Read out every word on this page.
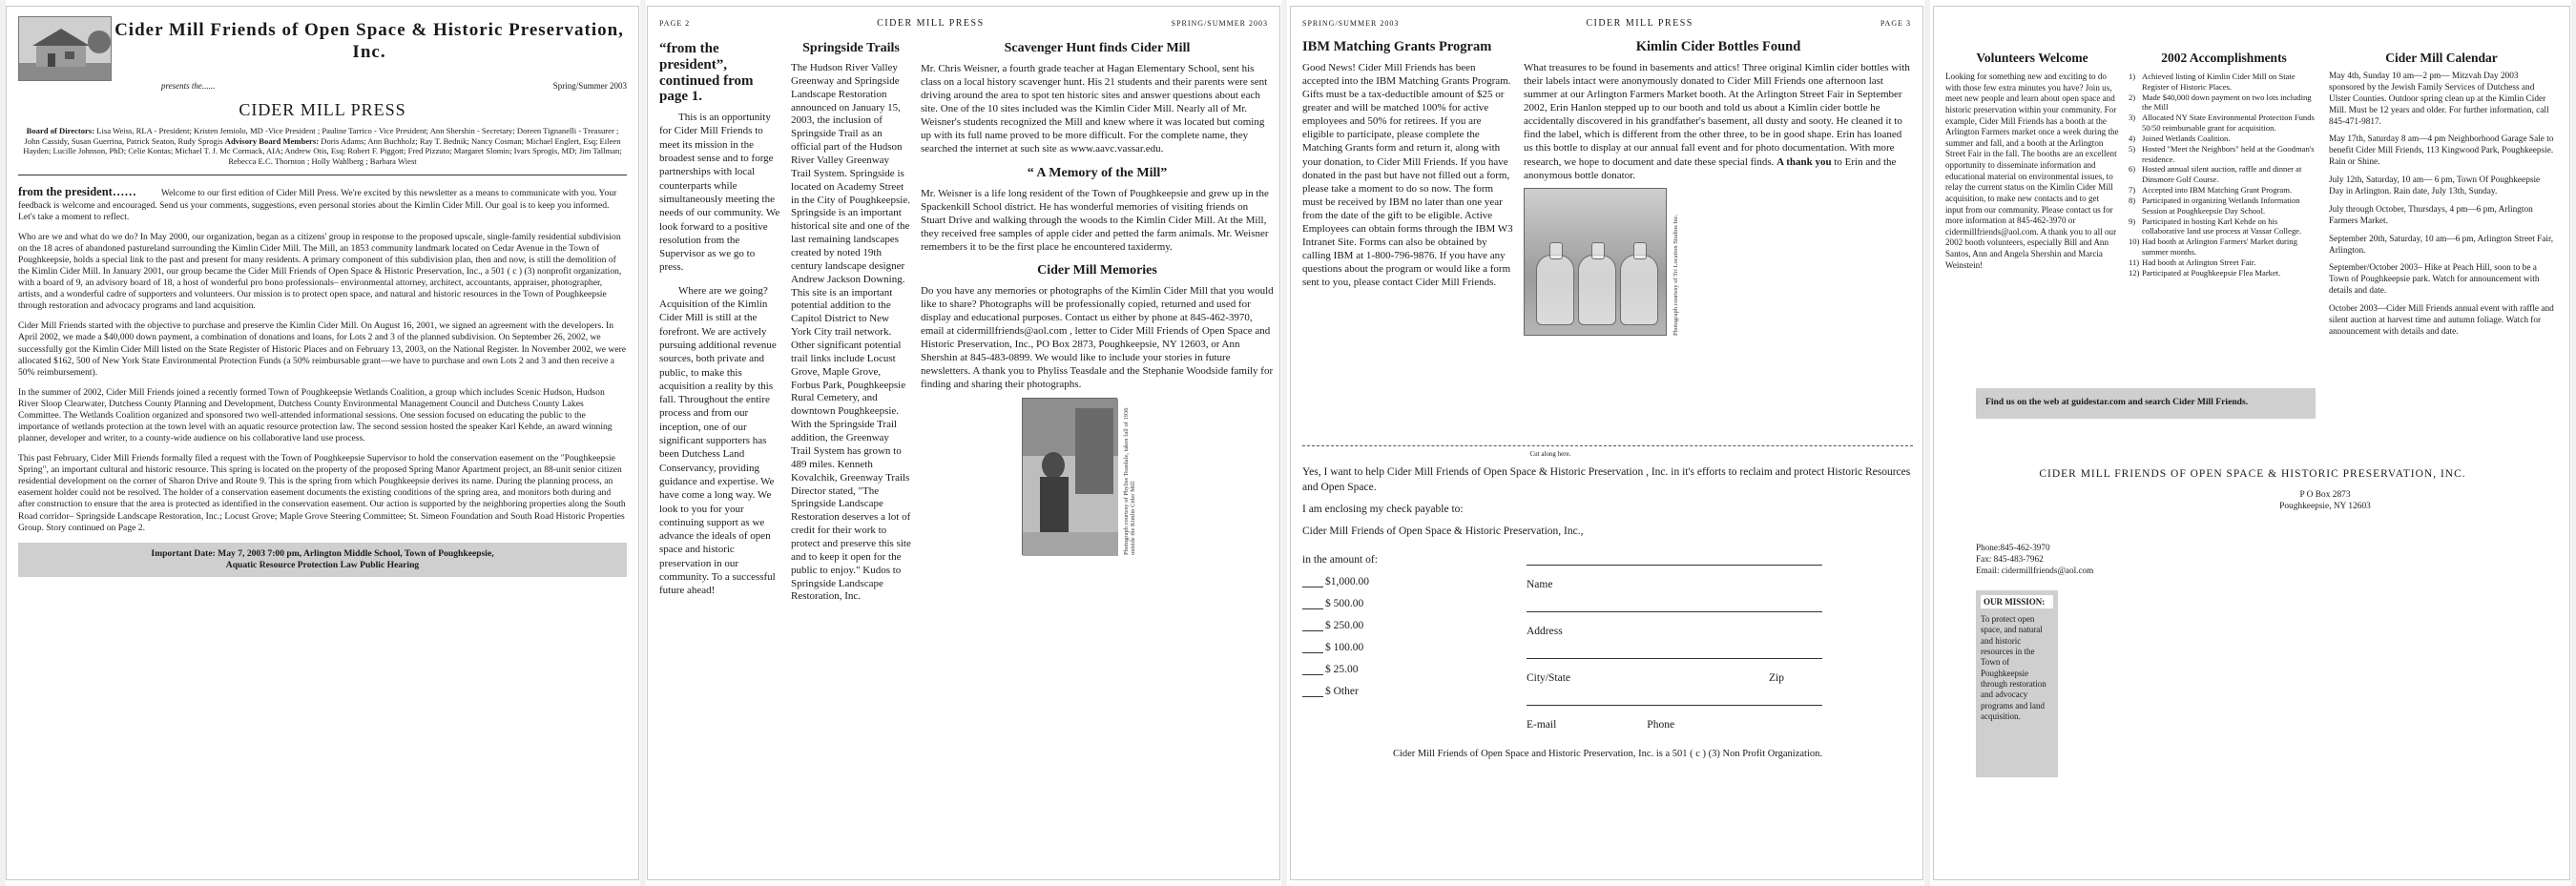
Cider Mill Friends of Open Space & Historic Preservation, Inc.
presents the......	Spring/Summer 2003
CIDER MILL PRESS
Board of Directors: Lisa Weiss, RLA - President; Kristen Jemiolo, MD -Vice President ; Pauline Tarrico - Vice President; Ann Shershin - Secretary; Doreen Tignanelli - Treasurer ; John Cassidy, Susan Guerrina, Patrick Seaton, Rudy Sprogis Advisory Board Members: Doris Adams; Ann Buchholz; Ray T. Bednik; Nancy Cosman; Michael Englert, Esq; Eileen Hayden; Lucille Johnson, PhD; Celie Kontas; Michael T. J. Mc Cormack, AIA; Andrew Otis, Esq; Robert F. Piggott; Fred Pizzuto; Margaret Slomin; Ivars Sprogis, MD; Jim Tallman; Rebecca E.C. Thornton ; Holly Wahlberg ; Barbara Wiest

from the president……	Welcome to our first edition of Cider Mill Press. We're excited by this newsletter as a means to communicate with you. Your feedback is welcome and encouraged. Send us your comments, suggestions, even personal stories about the Kimlin Cider Mill. Our goal is to keep you informed. Let's take a moment to reflect.

Who are we and what do we do? In May 2000, our organization, began as a citizens' group in response to the proposed upscale, single-family residential subdivision on the 18 acres of abandoned pastureland surrounding the Kimlin Cider Mill. The Mill, an 1853 community landmark located on Cedar Avenue in the Town of Poughkeepsie, holds a special link to the past and present for many residents. A primary component of this subdivision plan, then and now, is still the demolition of the Kimlin Cider Mill. In January 2001, our group became the Cider Mill Friends of Open Space & Historic Preservation, Inc., a 501 ( c ) (3) nonprofit organization, with a board of 9, an advisory board of 18, a host of wonderful pro bono professionals– environmental attorney, architect, accountants, appraiser, photographer, artists, and a wonderful cadre of supporters and volunteers. Our mission is to protect open space, and natural and historic resources in the Town of Poughkeepsie through restoration and advocacy programs and land acquisition.

Cider Mill Friends started with the objective to purchase and preserve the Kimlin Cider Mill. On August 16, 2001, we signed an agreement with the developers. In April 2002, we made a $40,000 down payment, a combination of donations and loans, for Lots 2 and 3 of the planned subdivision. On September 26, 2002, we successfully got the Kimlin Cider Mill listed on the State Register of Historic Places and on February 13, 2003, on the National Register. In November 2002, we were allocated $162, 500 of New York State Environmental Protection Funds (a 50% reimbursable grant—we have to purchase and own Lots 2 and 3 and then receive a 50% reimbursement).

In the summer of 2002, Cider Mill Friends joined a recently formed Town of Poughkeepsie Wetlands Coalition, a group which includes Scenic Hudson, Hudson River Sloop Clearwater, Dutchess County Planning and Development, Dutchess County Environmental Management Council and Dutchess County Lakes Committee. The Wetlands Coalition organized and sponsored two well-attended informational sessions. One session focused on educating the public to the importance of wetlands protection at the town level with an aquatic resource protection law. The second session hosted the speaker Karl Kehde, an award winning planner, developer and writer, to a county-wide audience on his collaborative land use process.

This past February, Cider Mill Friends formally filed a request with the Town of Poughkeepsie Supervisor to hold the conservation easement on the "Poughkeepsie Spring", an important cultural and historic resource. This spring is located on the property of the proposed Spring Manor Apartment project, an 88-unit senior citizen residential development on the corner of Sharon Drive and Route 9. This is the spring from which Poughkeepsie derives its name. During the planning process, an easement holder could not be resolved. The holder of a conservation easement documents the existing conditions of the spring area, and monitors both during and after construction to ensure that the area is protected as identified in the conservation easement. Our action is supported by the neighboring properties along the South Road corridor– Springside Landscape Restoration, Inc.; Locust Grove; Maple Grove Steering Committee; St. Simeon Foundation and South Road Historic Properties Group. Story continued on Page 2.

Important Date: May 7, 2003 7:00 pm, Arlington Middle School, Town of Poughkeepsie,
Aquatic Resource Protection Law Public Hearing
PAGE 2	CIDER MILL PRESS	SPRING/SUMMER 2003
“from the president”, continued from page 1.

This is an opportunity for Cider Mill Friends to meet its mission in the broadest sense and to forge partnerships with local counterparts while simultaneously meeting the needs of our community. We look forward to a positive resolution from the Supervisor as we go to press.

Where are we going? Acquisition of the Kimlin Cider Mill is still at the forefront. We are actively pursuing additional revenue sources, both private and public, to make this acquisition a reality by this fall. Throughout the entire process and from our inception, one of our significant supporters has been Dutchess Land Conservancy, providing guidance and expertise. We have come a long way. We look to you for your continuing support as we advance the ideals of open space and historic preservation in our community. To a successful future ahead!

Springside Trails

The Hudson River Valley Greenway and Springside Landscape Restoration announced on January 15, 2003, the inclusion of Springside Trail as an official part of the Hudson River Valley Greenway Trail System. Springside is located on Academy Street in the City of Poughkeepsie. Springside is an important historical site and one of the last remaining landscapes created by noted 19th century landscape designer Andrew Jackson Downing. This site is an important potential addition to the Capitol District to New York City trail network. Other significant potential trail links include Locust Grove, Maple Grove, Forbus Park, Poughkeepsie Rural Cemetery, and downtown Poughkeepsie. With the Springside Trail addition, the Greenway Trail System has grown to 489 miles. Kenneth Kovalchik, Greenway Trails Director stated, "The Springside Landscape Restoration deserves a lot of credit for their work to protect and preserve this site and to keep it open for the public to enjoy." Kudos to Springside Landscape Restoration, Inc.

Scavenger Hunt finds Cider Mill

Mr. Chris Weisner, a fourth grade teacher at Hagan Elementary School, sent his class on a local history scavenger hunt. His 21 students and their parents were sent driving around the area to spot ten historic sites and answer questions about each site. One of the 10 sites included was the Kimlin Cider Mill. Nearly all of Mr. Weisner's students recognized the Mill and knew where it was located but coming up with its full name proved to be more difficult. For the complete name, they searched the internet at such site as www.aavc.vassar.edu.

“ A Memory of the Mill”

Mr. Weisner is a life long resident of the Town of Poughkeepsie and grew up in the Spackenkill School district. He has wonderful memories of visiting friends on Stuart Drive and walking through the woods to the Kimlin Cider Mill. At the Mill, they received free samples of apple cider and petted the farm animals. Mr. Weisner remembers it to be the first place he encountered taxidermy.

Cider Mill Memories

Do you have any memories or photographs of the Kimlin Cider Mill that you would like to share? Photographs will be professionally copied, returned and used for display and educational purposes. Contact us either by phone at 845-462-3970, email at cidermillfriends@aol.com , letter to Cider Mill Friends of Open Space and Historic Preservation, Inc., PO Box 2873, Poughkeepsie, NY 12603, or Ann Shershin at 845-483-0899. We would like to include your stories in future newsletters. A thank you to Phyliss Teasdale and the Stephanie Woodside family for finding and sharing their photographs.

Photograph courtesy of Phyliss Teasdale, taken fall of 1936 outside the Kimlin Cider Mill
SPRING/SUMMER 2003	CIDER MILL PRESS	PAGE 3
IBM Matching Grants Program

Good News! Cider Mill Friends has been accepted into the IBM Matching Grants Program. Gifts must be a tax-deductible amount of $25 or greater and will be matched 100% for active employees and 50% for retirees. If you are eligible to participate, please complete the Matching Grants form and return it, along with your donation, to Cider Mill Friends. If you have donated in the past but have not filled out a form, please take a moment to do so now. The form must be received by IBM no later than one year from the date of the gift to be eligible. Active Employees can obtain forms through the IBM W3 Intranet Site. Forms can also be obtained by calling IBM at 1-800-796-9876. If you have any questions about the program or would like a form sent to you, please contact Cider Mill Friends.

Kimlin Cider Bottles Found

What treasures to be found in basements and attics! Three original Kimlin cider bottles with their labels intact were anonymously donated to Cider Mill Friends one afternoon last summer at our Arlington Farmers Market booth. At the Arlington Street Fair in September 2002, Erin Hanlon stepped up to our booth and told us about a Kimlin cider bottle he accidentally discovered in his grandfather's basement, all dusty and sooty. He cleaned it to find the label, which is different from the other three, to be in good shape. Erin has loaned us this bottle to display at our annual fall event and for photo documentation. With more research, we hope to document and date these special finds. A thank you to Erin and the anonymous bottle donator.

Photograph courtesy of Tri Location Studios Inc.
Cut along here.

Yes, I want to help Cider Mill Friends of Open Space & Historic Preservation , Inc. in it's efforts to reclaim and protect Historic Resources and Open Space.

I am enclosing my check payable to:

Cider Mill Friends of Open Space & Historic Preservation, Inc.,

in the amount of:
$1,000.00
$ 500.00
$ 250.00
$ 100.00
$ 25.00
$ Other
Name
Address
City/State	Zip
E-mail	Phone

Cider Mill Friends of Open Space and Historic Preservation, Inc. is a 501 ( c ) (3) Non Profit Organization.

Volunteers Welcome

Looking for something new and exciting to do with those few extra minutes you have? Join us, meet new people and learn about open space and historic preservation within your community. For example, Cider Mill Friends has a booth at the Arlington Farmers market once a week during the summer and fall, and a booth at the Arlington Street Fair in the fall. The booths are an excellent opportunity to disseminate information and educational material on environmental issues, to relay the current status on the Kimlin Cider Mill acquisition, to make new contacts and to get input from our community. Please contact us for more information at 845-462-3970 or cidermillfriends@aol.com. A thank you to all our 2002 booth volunteers, especially Bill and Ann Santos, Ann and Angela Shershin and Marcia Weinstein!

2002 Accomplishments
1) Achieved listing of Kimlin Cider Mill on State Register of Historic Places.
2) Made $40,000 down payment on two lots including the Mill
3) Allocated NY State Environmental Protection Funds 50/50 reimbursable grant for acquisition.
4) Joined Wetlands Coalition.
5) Hosted "Meet the Neighbors" held at the Goodman's residence.
6) Hosted annual silent auction, raffle and dinner at Dinsmore Golf Course.
7) Accepted into IBM Matching Grant Program.
8) Participated in organizing Wetlands Information Session at Poughkeepsie Day School.
9) Participated in hosting Karl Kehde on his collaborative land use process at Vassar College.
10) Had booth at Arlington Farmers' Market during summer months.
11) Had booth at Arlington Street Fair.
12) Participated at Poughkeepsie Flea Market.
Cider Mill Calendar

May 4th, Sunday 10 am—2 pm— Mitzvah Day 2003 sponsored by the Jewish Family Services of Dutchess and Ulster Counties. Outdoor spring clean up at the Kimlin Cider Mill. Must be 12 years and older. For further information, call 845-471-9817.

May 17th, Saturday 8 am—4 pm Neighborhood Garage Sale to benefit Cider Mill Friends, 113 Kingwood Park, Poughkeepsie. Rain or Shine.

July 12th, Saturday, 10 am— 6 pm, Town Of Poughkeepsie Day in Arlington. Rain date, July 13th, Sunday.

July through October, Thursdays, 4 pm—6 pm, Arlington Farmers Market.

September 20th, Saturday, 10 am—6 pm, Arlington Street Fair, Arlington.

September/October 2003– Hike at Peach Hill, soon to be a Town of Poughkeepsie park. Watch for announcement with details and date.

October 2003—Cider Mill Friends annual event with raffle and silent auction at harvest time and autumn foliage. Watch for announcement with details and date.

Find us on the web at guidestar.com and search Cider Mill Friends.
CIDER MILL FRIENDS OF OPEN SPACE & HISTORIC PRESERVATION, INC.
P O Box 2873
Poughkeepsie, NY 12603
Phone:845-462-3970
Fax: 845-483-7962
Email: cidermillfriends@aol.com
OUR MISSION:

To protect open space, and natural and historic resources in the Town of Poughkeepsie through restoration and advocacy programs and land acquisition.
